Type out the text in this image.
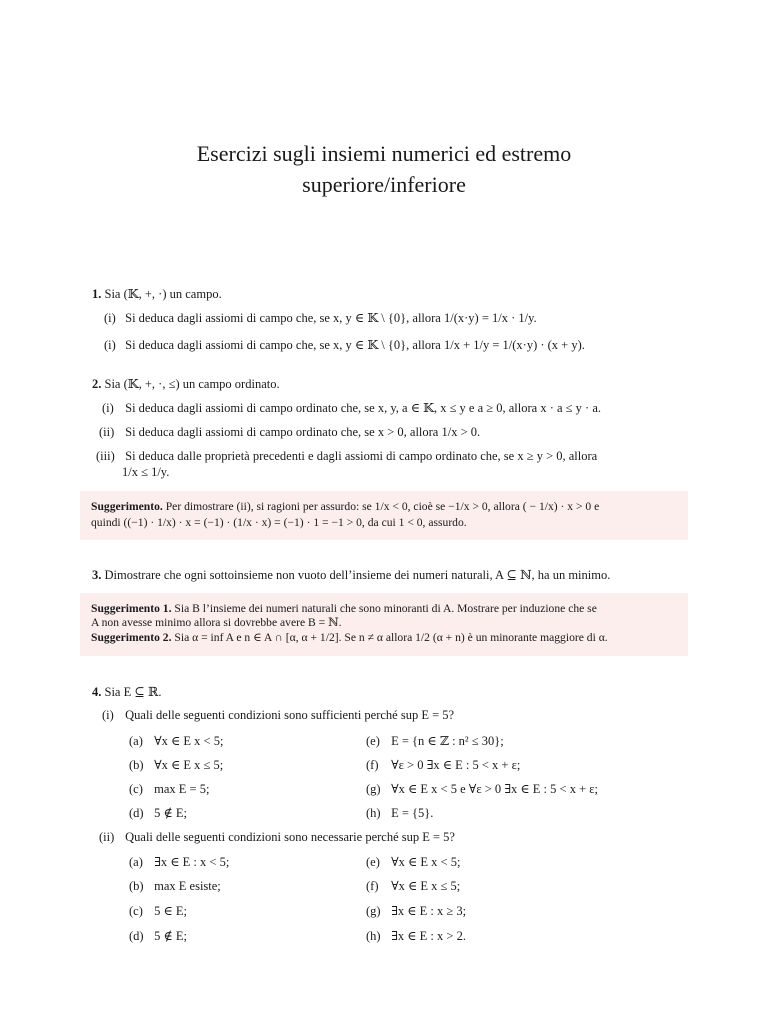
Esercizi sugli insiemi numerici ed estremo
superiore/inferiore
1. Sia (𝕂, +, ·) un campo.
(i) Si deduca dagli assiomi di campo che, se x, y ∈ 𝕂 \ {0}, allora 1/(x·y) = 1/x · 1/y.
(i) Si deduca dagli assiomi di campo che, se x, y ∈ 𝕂 \ {0}, allora 1/x + 1/y = 1/(x·y) · (x + y).
2. Sia (𝕂, +, ·, ≤) un campo ordinato.
(i) Si deduca dagli assiomi di campo ordinato che, se x, y, a ∈ 𝕂, x ≤ y e a ≥ 0, allora x · a ≤ y · a.
(ii) Si deduca dagli assiomi di campo ordinato che, se x > 0, allora 1/x > 0.
(iii) Si deduca dalle proprietà precedenti e dagli assiomi di campo ordinato che, se x ≥ y > 0, allora
1/x ≤ 1/y.
Suggerimento. Per dimostrare (ii), si ragioni per assurdo: se 1/x < 0, cioè se −1/x > 0, allora ( − 1/x) · x > 0 e
quindi ((−1) · 1/x) · x = (−1) · (1/x · x) = (−1) · 1 = −1 > 0, da cui 1 < 0, assurdo.
3. Dimostrare che ogni sottoinsieme non vuoto dell’insieme dei numeri naturali, A ⊆ ℕ, ha un minimo.
Suggerimento 1. Sia B l’insieme dei numeri naturali che sono minoranti di A. Mostrare per induzione che se
A non avesse minimo allora si dovrebbe avere B = ℕ.
Suggerimento 2. Sia α = inf A e n ∈ A ∩ [α, α + 1/2]. Se n ≠ α allora 1/2 (α + n) è un minorante maggiore di α.
4. Sia E ⊆ ℝ.
(i) Quali delle seguenti condizioni sono sufficienti perché sup E = 5?
(a) ∀x ∈ E x < 5;
(b) ∀x ∈ E x ≤ 5;
(c) max E = 5;
(d) 5 ∉ E;
(e) E = {n ∈ ℤ : n² ≤ 30};
(f) ∀ε > 0 ∃x ∈ E : 5 < x + ε;
(g) ∀x ∈ E x < 5 e ∀ε > 0 ∃x ∈ E : 5 < x + ε;
(h) E = {5}.
(ii) Quali delle seguenti condizioni sono necessarie perché sup E = 5?
(a) ∃x ∈ E : x < 5;
(b) max E esiste;
(c) 5 ∈ E;
(d) 5 ∉ E;
(e) ∀x ∈ E x < 5;
(f) ∀x ∈ E x ≤ 5;
(g) ∃x ∈ E : x ≥ 3;
(h) ∃x ∈ E : x > 2.
